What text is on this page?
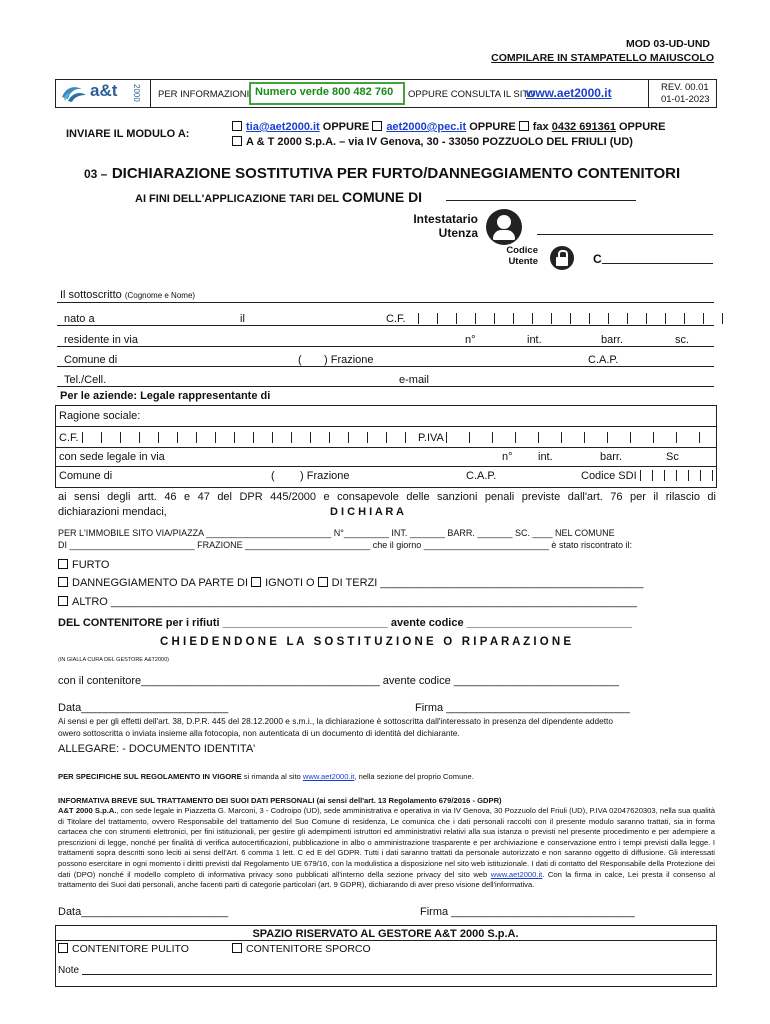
MOD 03-UD-UND
COMPILARE IN STAMPATELLO MAIUSCOLO
a&t 2000 PER INFORMAZIONI: Numero verde 800 482 760 OPPURE CONSULTA IL SITO
www.aet2000.it	REV. 00.01
01-01-2023
INVIARE IL MODULO A:
tia@aet2000.it OPPURE aet2000@pec.it OPPURE fax 0432 691361 OPPURE
A & T 2000 S.p.A. – via IV Genova, 30 - 33050 POZZUOLO DEL FRIULI (UD)
03 – DICHIARAZIONE SOSTITUTIVA PER FURTO/DANNEGGIAMENTO CONTENITORI
AI FINI DELL'APPLICAZIONE TARI DEL COMUNE DI
Intestatario
Utenza
Codice
Utente	C
Il sottoscritto (Cognome e Nome)
nato a	il	C.F.
residente in via	n°	int.	barr.	sc.
Comune di	( ) Frazione	C.A.P.
Tel./Cell.	e-mail
Per le aziende: Legale rappresentante di
Ragione sociale:
C.F.	P.IVA
con sede legale in via	n° int.	barr.	Sc
Comune di	( ) Frazione	C.A.P.	Codice SDI
ai sensi degli artt. 46 e 47 del DPR 445/2000 e consapevole delle sanzioni penali previste dall'art. 76 per il rilascio di
dichiarazioni mendaci,	D I C H I A R A
PER L'IMMOBILE SITO VIA/PIAZZA _________________________ N°_________ INT. _______ BARR. _______ SC. ____ NEL COMUNE
DI _________________________ FRAZIONE _________________________ che il giorno _________________________ è stato riscontrato il:
FURTO
DANNEGGIAMENTO DA PARTE DI IGNOTI O DI TERZI ___________________________________________
ALTRO ______________________________________________________________________________________
DEL CONTENITORE per i rifiuti ___________________________ avente codice ___________________________
C H I E D E N D O N E   L A   S O S T I T U Z I O N E   O   R I P A R A Z I O N E
(IN GIALLA CURA DEL GESTORE A&T2000)
con il contenitore_______________________________________ avente codice ___________________________
Data________________________	Firma ______________________________
Ai sensi e per gli effetti dell'art. 38, D.P.R. 445 del 28.12.2000 e s.m.i., la dichiarazione è sottoscritta dall'interessato in presenza del dipendente addetto
owero sottoscritta o inviata insieme alla fotocopia, non autenticata di un documento di identità del dichiarante.
ALLEGARE: - DOCUMENTO IDENTITA'
PER SPECIFICHE SUL REGOLAMENTO IN VIGORE si rimanda al sito www.aet2000.it, nella sezione del proprio Comune.
INFORMATIVA BREVE SUL TRATTAMENTO DEI SUOI DATI PERSONALI (ai sensi dell'art. 13 Regolamento 679/2016 - GDPR)
A&T 2000 S.p.A., con sede legale in Piazzetta G. Marconi, 3 - Codroipo (UD), sede amministrativa e operativa in via IV Genova, 30 Pozzuolo del Friuli (UD), P.IVA 02047620303, nella sua qualità di Titolare del trattamento, ovvero Responsabile del trattamento del Suo Comune di residenza, Le comunica che i dati personali raccolti con il presente modulo saranno trattati, sia in forma cartacea che con strumenti elettronici, per fini istituzionali, per gestire gli adempimenti istruttori ed amministrativi relativi alla sua istanza o previsti nel presente procedimento e per adempiere a prescrizioni di legge, nonché per finalità di verifica autocertificazioni, pubblicazione in albo o amministrazione trasparente e per archiviazione e conservazione entro i tempi previsti dalla legge. I trattamenti sopra descritti sono leciti ai sensi dell'Art. 6 comma 1 lett. C ed E del GDPR. Tutti i dati saranno trattati da personale autorizzato e non saranno oggetto di diffusione. Gli interessati possono esercitare in ogni momento i diritti previsti dal Regolamento UE 679/16, con la modulistica a disposizione nel sito web istituzionale. I dati di contatto del Responsabile della Protezione dei dati (DPO) nonché il modello completo di informativa privacy sono pubblicati all'interno della sezione privacy del sito web www.aet2000.it. Con la firma in calce, Lei presta il consenso al trattamento dei Suoi dati personali, anche facenti parti di categorie particolari (art. 9 GDPR), dichiarando di aver preso visione dell'informativa.
Data________________________	Firma ______________________________
SPAZIO RISERVATO AL GESTORE A&T 2000 S.p.A.
CONTENITORE PULITO	CONTENITORE SPORCO
Note
